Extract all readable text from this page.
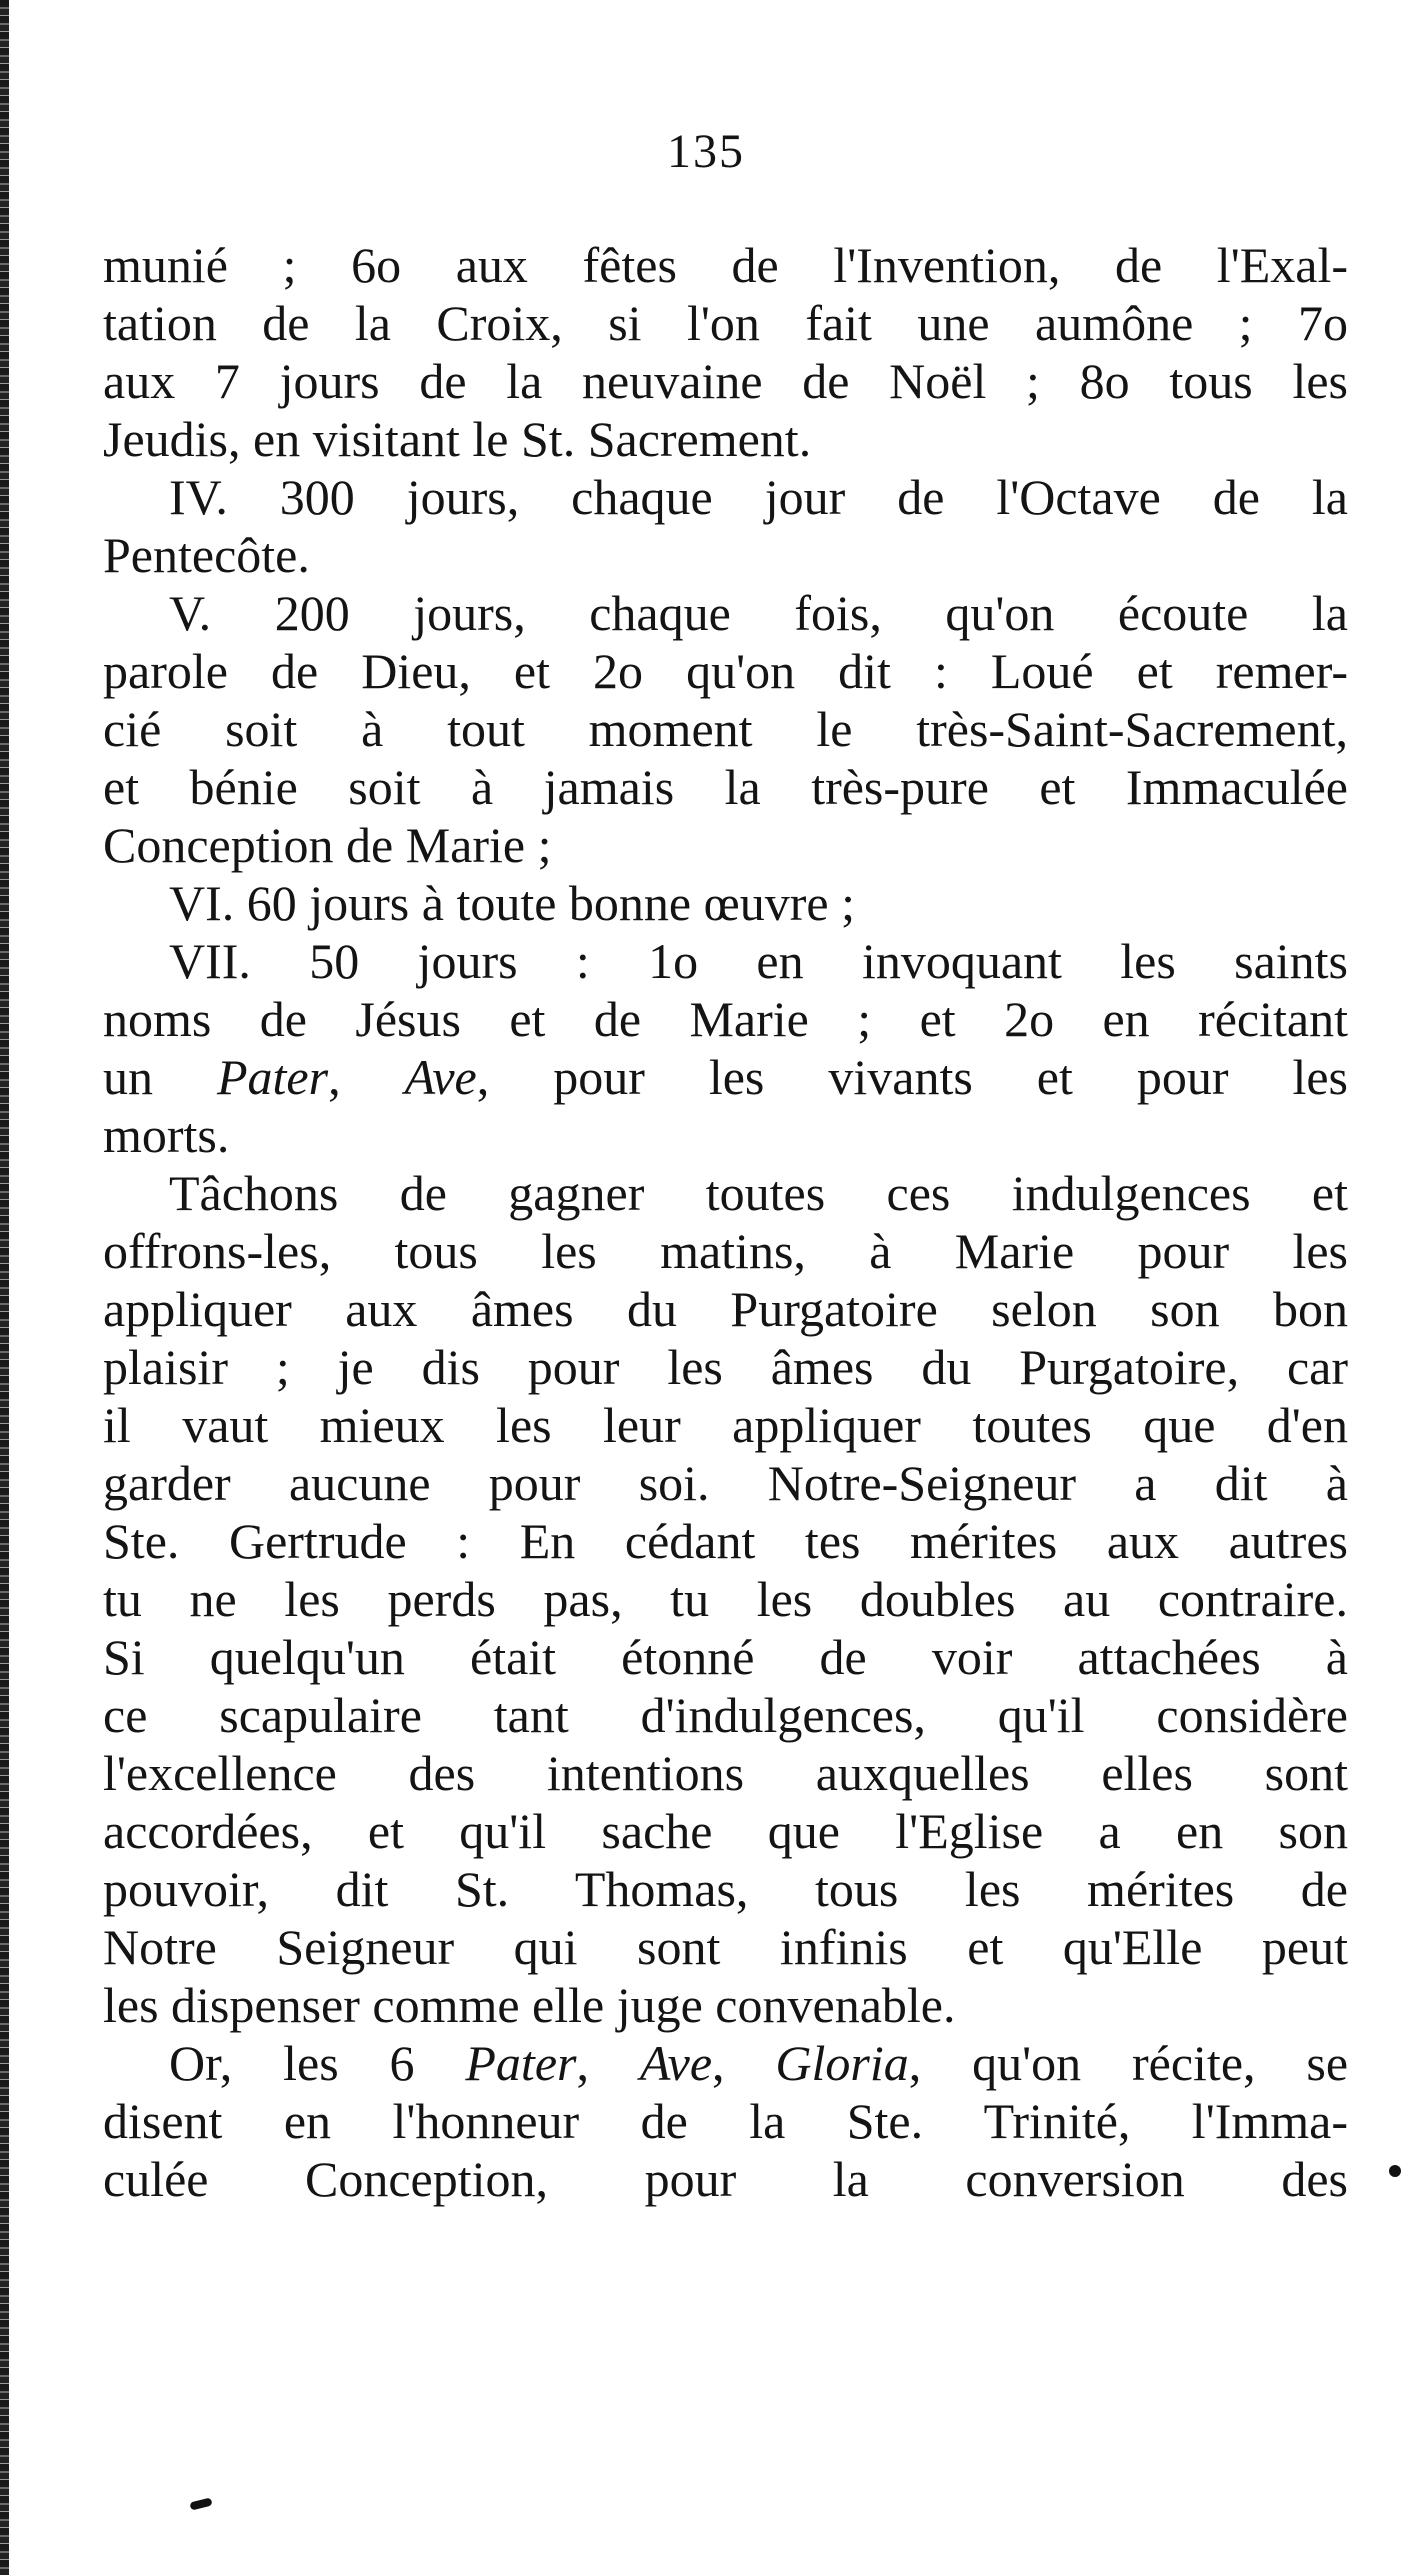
135
munié ; 6o aux fêtes de l'Invention, de l'Exal-
tation de la Croix, si l'on fait une aumône ; 7o
aux 7 jours de la neuvaine de Noël ; 8o tous les
Jeudis, en visitant le St. Sacrement.
IV. 300 jours, chaque jour de l'Octave de la
Pentecôte.
V. 200 jours, chaque fois, qu'on écoute la
parole de Dieu, et 2o qu'on dit : Loué et remer-
cié soit à tout moment le très-Saint-Sacrement,
et bénie soit à jamais la très-pure et Immaculée
Conception de Marie ;
VI. 60 jours à toute bonne œuvre ;
VII. 50 jours : 1o en invoquant les saints
noms de Jésus et de Marie ; et 2o en récitant
un Pater, Ave, pour les vivants et pour les
morts.
Tâchons de gagner toutes ces indulgences et
offrons-les, tous les matins, à Marie pour les
appliquer aux âmes du Purgatoire selon son bon
plaisir ; je dis pour les âmes du Purgatoire, car
il vaut mieux les leur appliquer toutes que d'en
garder aucune pour soi. Notre-Seigneur a dit à
Ste. Gertrude : En cédant tes mérites aux autres
tu ne les perds pas, tu les doubles au contraire.
Si quelqu'un était étonné de voir attachées à
ce scapulaire tant d'indulgences, qu'il considère
l'excellence des intentions auxquelles elles sont
accordées, et qu'il sache que l'Eglise a en son
pouvoir, dit St. Thomas, tous les mérites de
Notre Seigneur qui sont infinis et qu'Elle peut
les dispenser comme elle juge convenable.
Or, les 6 Pater, Ave, Gloria, qu'on récite, se
disent en l'honneur de la Ste. Trinité, l'Imma-
culée Conception, pour la conversion des
